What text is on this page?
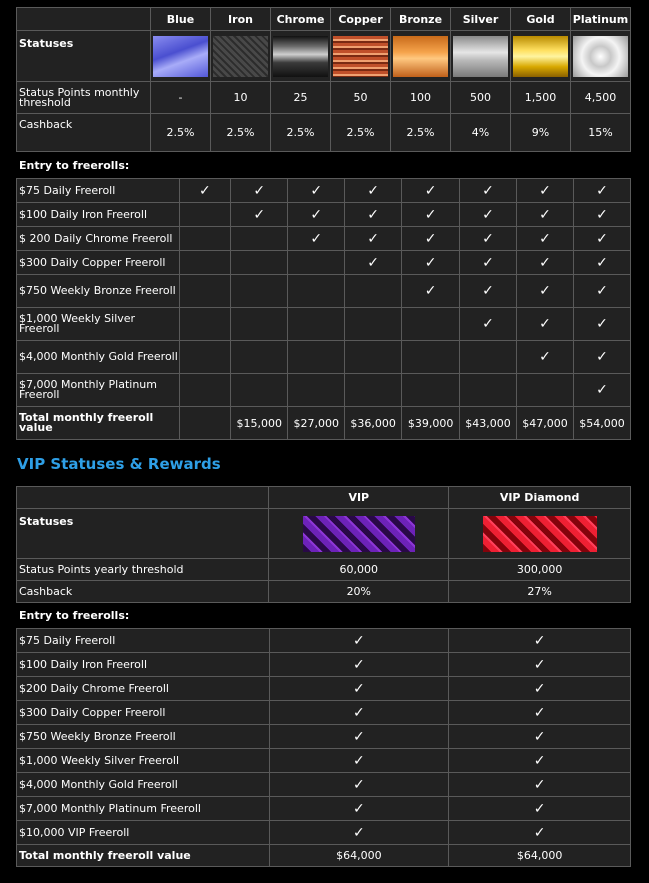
	Blue	Iron	Chrome	Copper	Bronze	Silver	Gold	Platinum
Statuses	

Status Points monthly threshold	-	10	25	50	100	500	1,500	4,500
Cashback	2.5%	2.5%	2.5%	2.5%	2.5%	4%	9%	15%
Entry to freerolls:
$75 Daily Freeroll	✓	✓	✓	✓	✓	✓	✓	✓
$100 Daily Iron Freeroll		✓	✓	✓	✓	✓	✓	✓
$ 200 Daily Chrome Freeroll			✓	✓	✓	✓	✓	✓
$300 Daily Copper Freeroll				✓	✓	✓	✓	✓
$750 Weekly Bronze Freeroll					✓	✓	✓	✓
$1,000 Weekly Silver Freeroll						✓	✓	✓
$4,000 Monthly Gold Freeroll							✓	✓
$7,000 Monthly Platinum Freeroll								✓
Total monthly freeroll value		$15,000	$27,000	$36,000	$39,000	$43,000	$47,000	$54,000
VIP Statuses & Rewards
	VIP	VIP Diamond
Statuses	

Status Points yearly threshold	60,000	300,000
Cashback	20%	27%
Entry to freerolls:
$75 Daily Freeroll	✓	✓
$100 Daily Iron Freeroll	✓	✓
$200 Daily Chrome Freeroll	✓	✓
$300 Daily Copper Freeroll	✓	✓
$750 Weekly Bronze Freeroll	✓	✓
$1,000 Weekly Silver Freeroll	✓	✓
$4,000 Monthly Gold Freeroll	✓	✓
$7,000 Monthly Platinum Freeroll	✓	✓
$10,000 VIP Freeroll	✓	✓
Total monthly freeroll value	$64,000	$64,000
